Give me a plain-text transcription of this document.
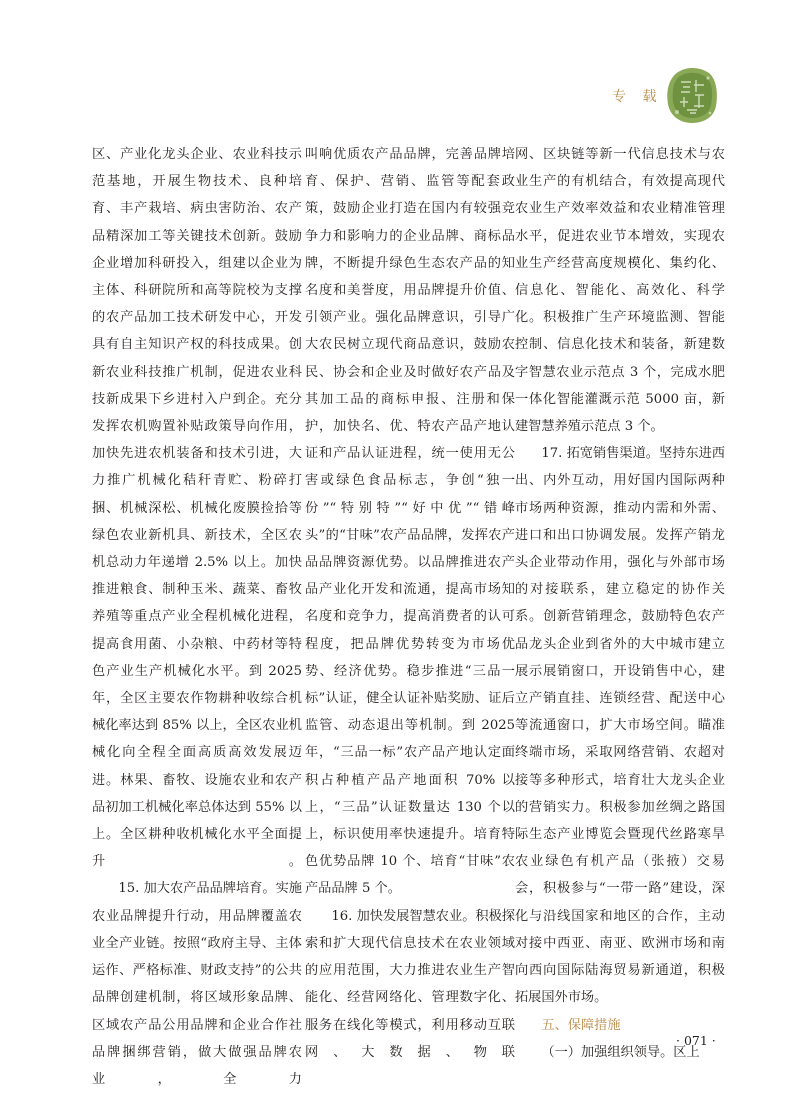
专 载

区、产业化龙头企业、农业科技示范基地，开展生物技术、良种培育、丰产栽培、病虫害防治、农产品精深加工等关键技术创新。鼓励企业增加科研投入，组建以企业为主体、科研院所和高等院校为支撑的农产品加工技术研发中心，开发具有自主知识产权的科技成果。创新农业科技推广机制，促进农业科技新成果下乡进村入户到企。充分发挥农机购置补贴政策导向作用，加快先进农机装备和技术引进，大力推广机械化秸秆青贮、粉碎打捆、机械深松、机械化废膜捡拾等绿色农业新机具、新技术，全区农机总动力年递增 2.5% 以上。加快推进粮食、制种玉米、蔬菜、畜牧养殖等重点产业全程机械化进程，提高食用菌、小杂粮、中药材等特色产业生产机械化水平。到 2025 年，全区主要农作物耕种收综合机械化率达到 85% 以上，全区农业机械化向全程全面高质高效发展迈进。林果、畜牧、设施农业和农产品初加工机械化率总体达到 55% 以上。全区耕种收机械化水平全面提升。

15. 加大农产品品牌培育。实施农业品牌提升行动，用品牌覆盖农业全产业链。按照“政府主导、主体运作、严格标准、财政支持”的公共品牌创建机制，将区域形象品牌、区域农产品公用品牌和企业合作社品牌捆绑营销，做大做强品牌农业，全力

叫响优质农产品品牌，完善品牌培育、保护、营销、监管等配套政策，鼓励企业打造在国内有较强竞争力和影响力的企业品牌、商标品牌，不断提升绿色生态农产品的知名度和美誉度，用品牌提升价值、引领产业。强化品牌意识，引导广大农民树立现代商品意识，鼓励农民、协会和企业及时做好农产品及其加工品的商标申报、注册和保护，加快名、优、特农产品产地认证和产品认证进程，统一使用无公害或绿色食品标志，争创“独一份”“特别特”“好中优”“错峰头”的“甘味”农产品品牌，发挥农产品品牌资源优势。以品牌推进农产品产业化开发和流通，提高市场知名度和竞争力，提高消费者的认可程度，把品牌优势转变为市场优势、经济优势。稳步推进“三品一标”认证，健全认证补贴奖励、证后监管、动态退出等机制。到 2025 年，“三品一标”农产品产地认定面积占种植产品产地面积 70% 以上，“三品”认证数量达 130 个以上，标识使用率快速提升。培育特色优势品牌 10 个、培育“甘味”农产品品牌 5 个。

16. 加快发展智慧农业。积极探索和扩大现代信息技术在农业领域的应用范围，大力推进农业生产智能化、经营网络化、管理数字化、服务在线化等模式，利用移动互联网、大数据、物联

网、区块链等新一代信息技术与农业生产的有机结合，有效提高现代农业生产效率效益和农业精准管理水平，促进农业节本增效，实现农业生产经营高度规模化、集约化、信息化、智能化、高效化、科学化。积极推广生产环境监测、智能控制、信息化技术和装备，新建数字智慧农业示范点 3 个，完成水肥一体化智能灌溉示范 5000 亩，新建智慧养殖示范点 3 个。

17. 拓宽销售渠道。坚持东进西出、内外互动，用好国内国际两种市场两种资源，推动内需和外需、进口和出口协调发展。发挥产销龙头企业带动作用，强化与外部市场的对接联系，建立稳定的协作关系。创新营销理念，鼓励特色农产品龙头企业到省外的大中城市建立展示展销窗口，开设销售中心，建立产销直挂、连锁经营、配送中心等流通窗口，扩大市场空间。瞄准终端市场，采取网络营销、农超对接等多种形式，培育壮大龙头企业的营销实力。积极参加丝绸之路国际生态产业博览会暨现代丝路寒旱农业绿色有机产品（张掖）交易会，积极参与“一带一路”建设，深化与沿线国家和地区的合作，主动对接中西亚、南亚、欧洲市场和南向西向国际陆海贸易新通道，积极拓展国外市场。

五、保障措施

（一）加强组织领导。区上

· 071 ·
